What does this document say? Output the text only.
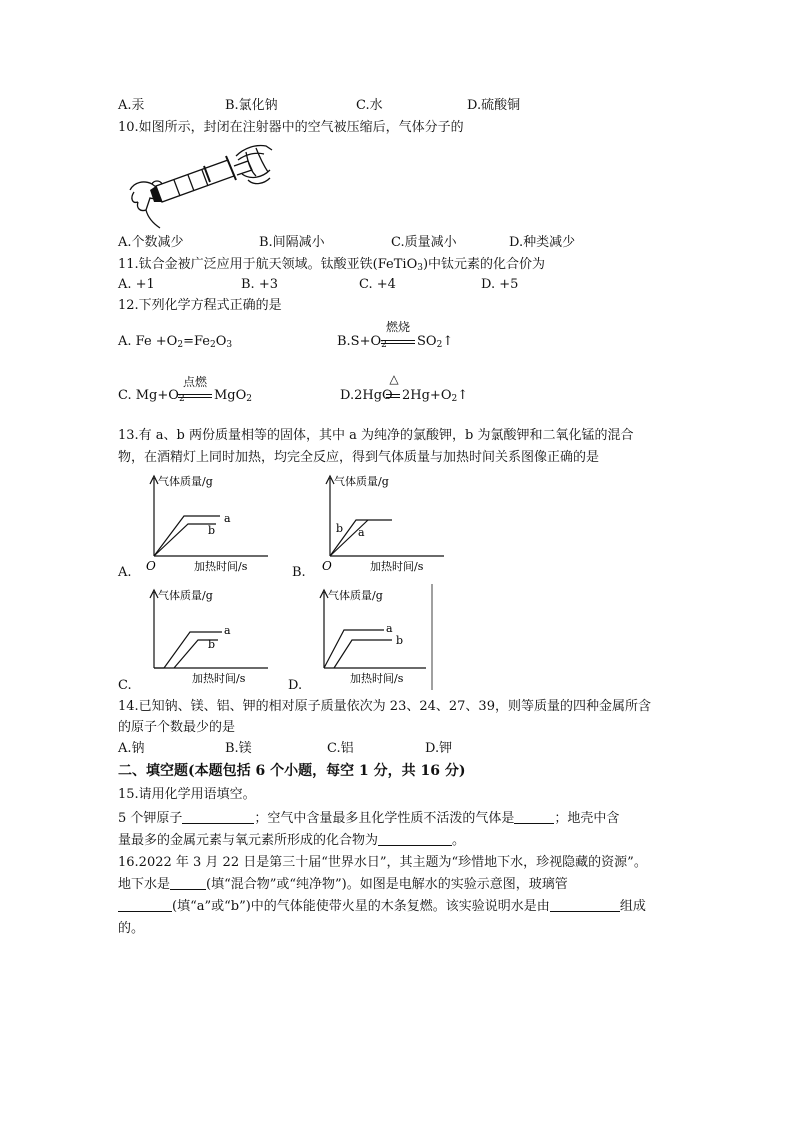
A.汞	B.氯化钠	C.水	D.硫酸铜
10.如图所示，封闭在注射器中的空气被压缩后，气体分子的
A.个数减少	B.间隔减小	C.质量减小	D.种类减少
11.钛合金被广泛应用于航天领域。钛酸亚铁(FeTiO$_3$)中钛元素的化合价为
A. +1	B. +3	C. +4	D. +5
12.下列化学方程式正确的是
A. $Fe +O_2=Fe_2O_3$	$B.S+O_2$
燃烧
$SO_2↑$
C. $Mg+O_2$
点燃
MgO$_2$	D.2HgO
△
$2Hg+O_2↑$
13.有 a、b 两份质量相等的固体，其中 a 为纯净的氯酸钾，b 为氯酸钾和二氧化锰的混合
物，在酒精灯上同时加热，均完全反应，得到气体质量与加热时间关系图像正确的是
气体质量/g
a
b
O	加热时间/s
A.
气体质量/g
b a
O	加热时间/s
B.
气体质量/g
a
b
加热时间/s
C.
气体质量/g
a
b
加热时间/s
D.
14.已知钠、镁、铝、钾的相对原子质量依次为 23、24、27、39，则等质量的四种金属所含
的原子个数最少的是
A.钠	B.镁	C.铝	D.钾
二、填空题(本题包括 6 个小题，每空 1 分，共 16 分)
15.请用化学用语填空。
5 个钾原子	；空气中含量最多且化学性质不活泼的气体是	；地壳中含
量最多的金属元素与氧元素所形成的化合物为	。
16.2022 年 3 月 22 日是第三十届“世界水日”，其主题为“珍惜地下水，珍视隐藏的资源”。
地下水是	(填“混合物”或“纯净物”)。如图是电解水的实验示意图，玻璃管
(填“a”或“b”)中的气体能使带火星的木条复燃。该实验说明水是由	组成
的。
